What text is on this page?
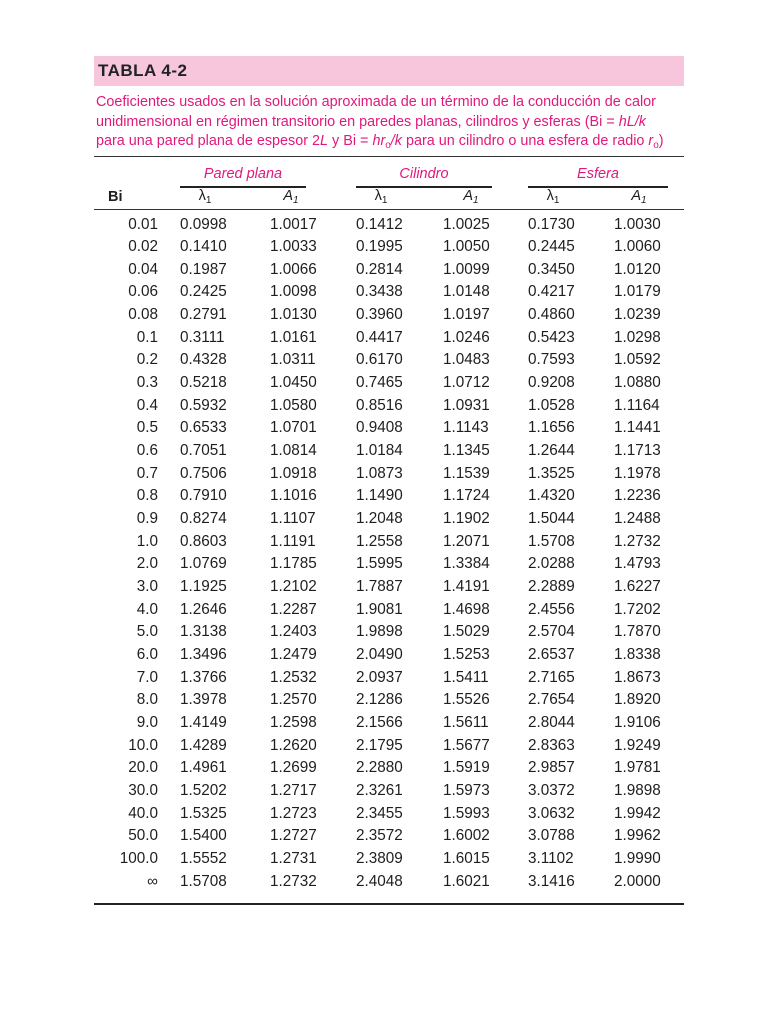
TABLA 4-2
Coeficientes usados en la solución aproximada de un término de la conducción de calor unidimensional en régimen transitorio en paredes planas, cilindros y esferas (Bi = hL/k para una pared plana de espesor 2L y $Bi = hr_o/k$ para un cilindro o una esfera de radio $r_o$)
Bi
Pared plana	Cilindro	Esfera
$\lambda_1$	$A_1$	$\lambda_1$	$A_1$	$\lambda_1$	$A_1$
0.01 0.0998	1.0017	0.1412	1.0025 0.1730	1.0030
0.02 0.1410	1.0033	0.1995	1.0050 0.2445	1.0060
0.04 0.1987	1.0066	0.2814	1.0099 0.3450	1.0120
0.06 0.2425	1.0098	0.3438	1.0148 0.4217	1.0179
0.08 0.2791	1.0130	0.3960	1.0197 0.4860	1.0239
0.1 0.3111	1.0161	0.4417	1.0246 0.5423	1.0298
0.2 0.4328	1.0311	0.6170	1.0483 0.7593	1.0592
0.3 0.5218	1.0450	0.7465	1.0712 0.9208	1.0880
0.4 0.5932	1.0580	0.8516	1.0931 1.0528	1.1164
0.5 0.6533	1.0701	0.9408	1.1143	1.1656	1.1441
0.6 0.7051	1.0814	1.0184	1.1345 1.2644	1.1713
0.7 0.7506	1.0918	1.0873	1.1539 1.3525	1.1978
0.8 0.7910	1.1016	1.1490	1.1724 1.4320	1.2236
0.9 0.8274	1.1107	1.2048	1.1902 1.5044	1.2488
1.0 0.8603	1.1191	1.2558	1.2071 1.5708	1.2732
2.0 1.0769	1.1785	1.5995	1.3384 2.0288	1.4793
3.0 1.1925	1.2102	1.7887	1.4191 2.2889	1.6227
4.0 1.2646	1.2287	1.9081	1.4698 2.4556	1.7202
5.0 1.3138	1.2403	1.9898	1.5029 2.5704	1.7870
6.0 1.3496	1.2479	2.0490	1.5253 2.6537	1.8338
7.0 1.3766	1.2532	2.0937	1.5411	2.7165	1.8673
8.0 1.3978	1.2570	2.1286	1.5526 2.7654	1.8920
9.0 1.4149	1.2598	2.1566	1.5611	2.8044	1.9106
10.0 1.4289	1.2620	2.1795	1.5677 2.8363	1.9249
20.0 1.4961	1.2699	2.2880	1.5919 2.9857	1.9781
30.0 1.5202	1.2717	2.3261	1.5973 3.0372	1.9898
40.0 1.5325	1.2723	2.3455	1.5993 3.0632	1.9942
50.0 1.5400	1.2727	2.3572	1.6002 3.0788	1.9962
100.0 1.5552	1.2731	2.3809	1.6015 3.1102	1.9990
∞ 1.5708	1.2732	2.4048	1.6021 3.1416	2.0000
